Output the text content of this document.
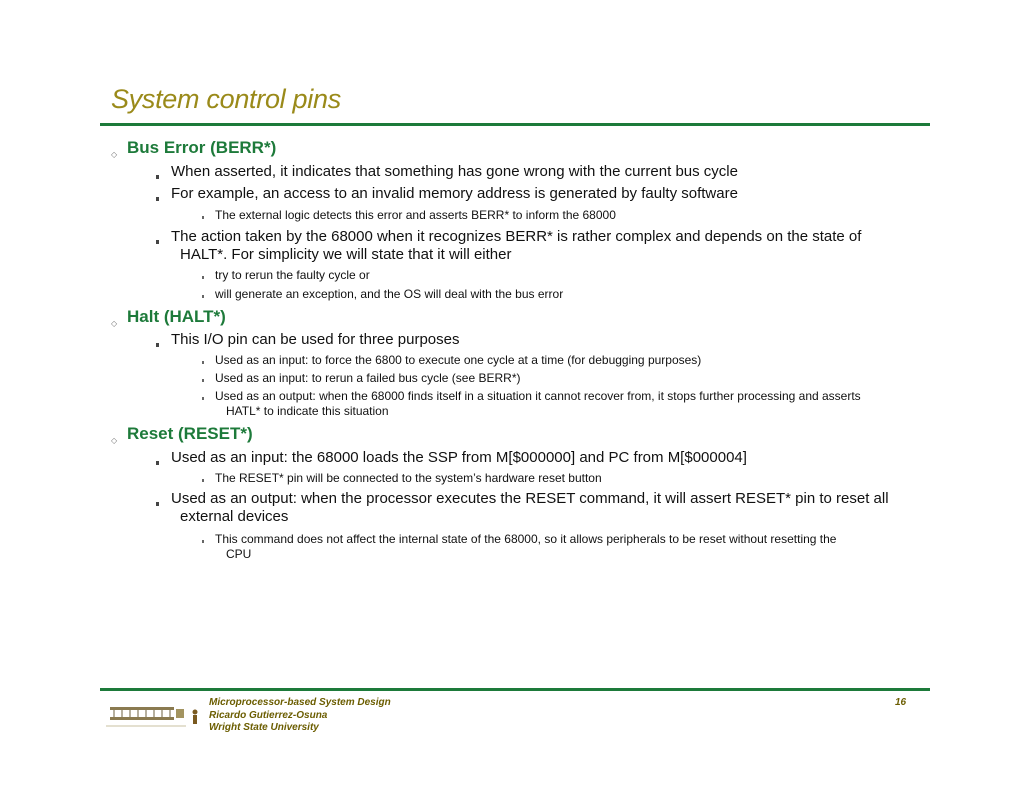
System control pins
◇ Bus Error (BERR*)
When asserted, it indicates that something has gone wrong with the current bus cycle
For example, an access to an invalid memory address is generated by faulty software
The external logic detects this error and asserts BERR* to inform the 68000
The action taken by the 68000 when it recognizes BERR* is rather complex and depends on the state of
HALT*. For simplicity we will state that it will either
try to rerun the faulty cycle or
will generate an exception, and the OS will deal with the bus error
◇ Halt (HALT*)
This I/O pin can be used for three purposes
Used as an input: to force the 6800 to execute one cycle at a time (for debugging purposes)
Used as an input: to rerun a failed bus cycle (see BERR*)
Used as an output: when the 68000 finds itself in a situation it cannot recover from, it stops further processing and asserts
HATL* to indicate this situation
◇ Reset (RESET*)
Used as an input: the 68000 loads the SSP from M[$000000] and PC from M[$000004]
The RESET* pin will be connected to the system’s hardware reset button
Used as an output: when the processor executes the RESET command, it will assert RESET* pin to reset all
external devices
This command does not affect the internal state of the 68000, so it allows peripherals to be reset without resetting the
CPU
Microprocessor-based System Design
Ricardo Gutierrez-Osuna
Wright State University
16
